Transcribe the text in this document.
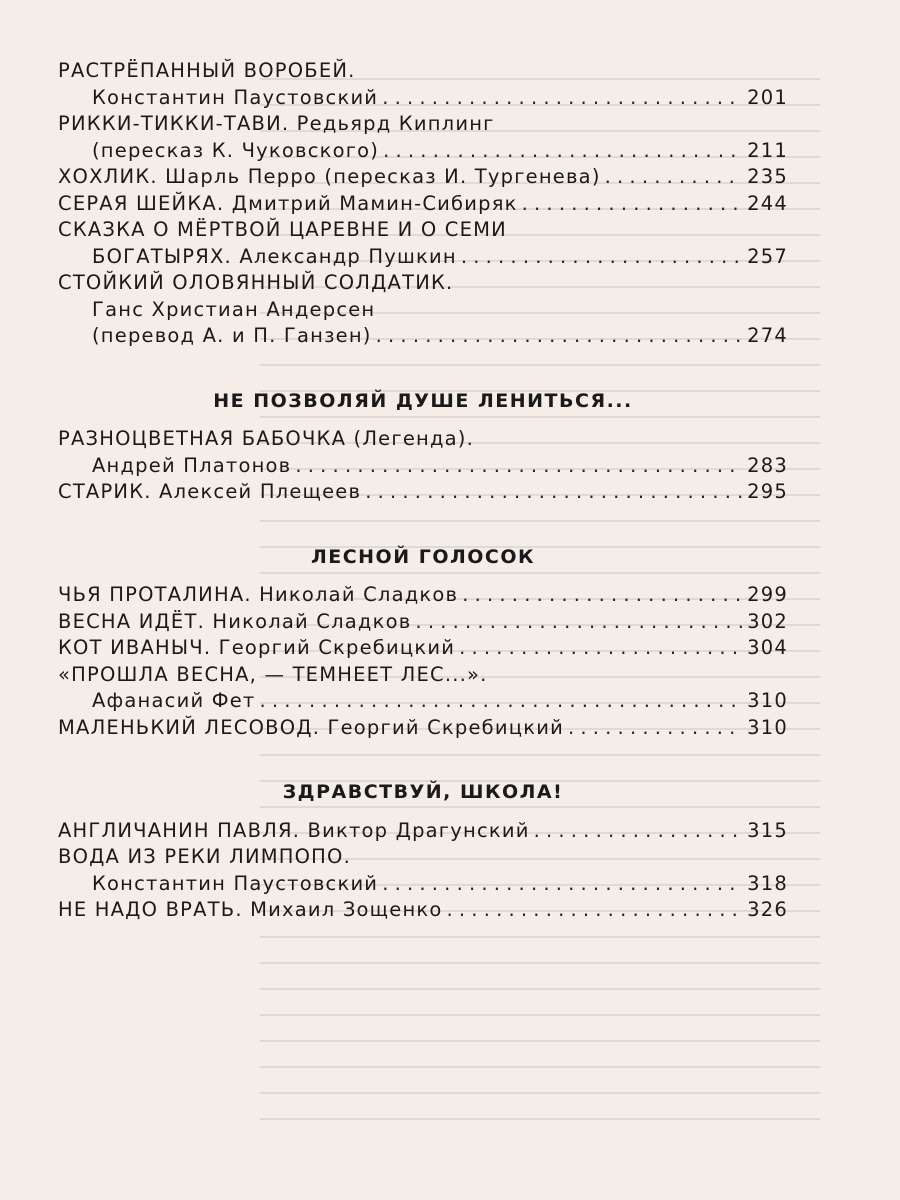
РАСТРЁПАННЫЙ ВОРОБЕЙ.
Константин Паустовский . . .	201
РИККИ-ТИККИ-ТАВИ. Редьярд Киплинг
(пересказ К. Чуковского) . . .	211
ХОХЛИК. Шарль Перро (пересказ И. Тургенева) . . .	235
СЕРАЯ ШЕЙКА. Дмитрий Мамин-Сибиряк . . .	244
СКАЗКА О МЁРТВОЙ ЦАРЕВНЕ И О СЕМИ
БОГАТЫРЯХ. Александр Пушкин . . .	257
СТОЙКИЙ ОЛОВЯННЫЙ СОЛДАТИК.
Ганс Христиан Андерсен
(перевод А. и П. Ганзен) . . .	274
НЕ ПОЗВОЛЯЙ ДУШЕ ЛЕНИТЬСЯ...
РАЗНОЦВЕТНАЯ БАБОЧКА (Легенда).
Андрей Платонов . . .	283
СТАРИК. Алексей Плещеев . . .	295
ЛЕСНОЙ ГОЛОСОК
ЧЬЯ ПРОТАЛИНА. Николай Сладков . . .	299
ВЕСНА ИДЁТ. Николай Сладков . . .	302
КОТ ИВАНЫЧ. Георгий Скребицкий . . .	304
«ПРОШЛА ВЕСНА, — ТЕМНЕЕТ ЛЕС...».
Афанасий Фет . . .	310
МАЛЕНЬКИЙ ЛЕСОВОД. Георгий Скребицкий . . .	310
ЗДРАВСТВУЙ, ШКОЛА!
АНГЛИЧАНИН ПАВЛЯ. Виктор Драгунский . . .	315
ВОДА ИЗ РЕКИ ЛИМПОПО.
Константин Паустовский . . .	318
НЕ НАДО ВРАТЬ. Михаил Зощенко . . .	326
